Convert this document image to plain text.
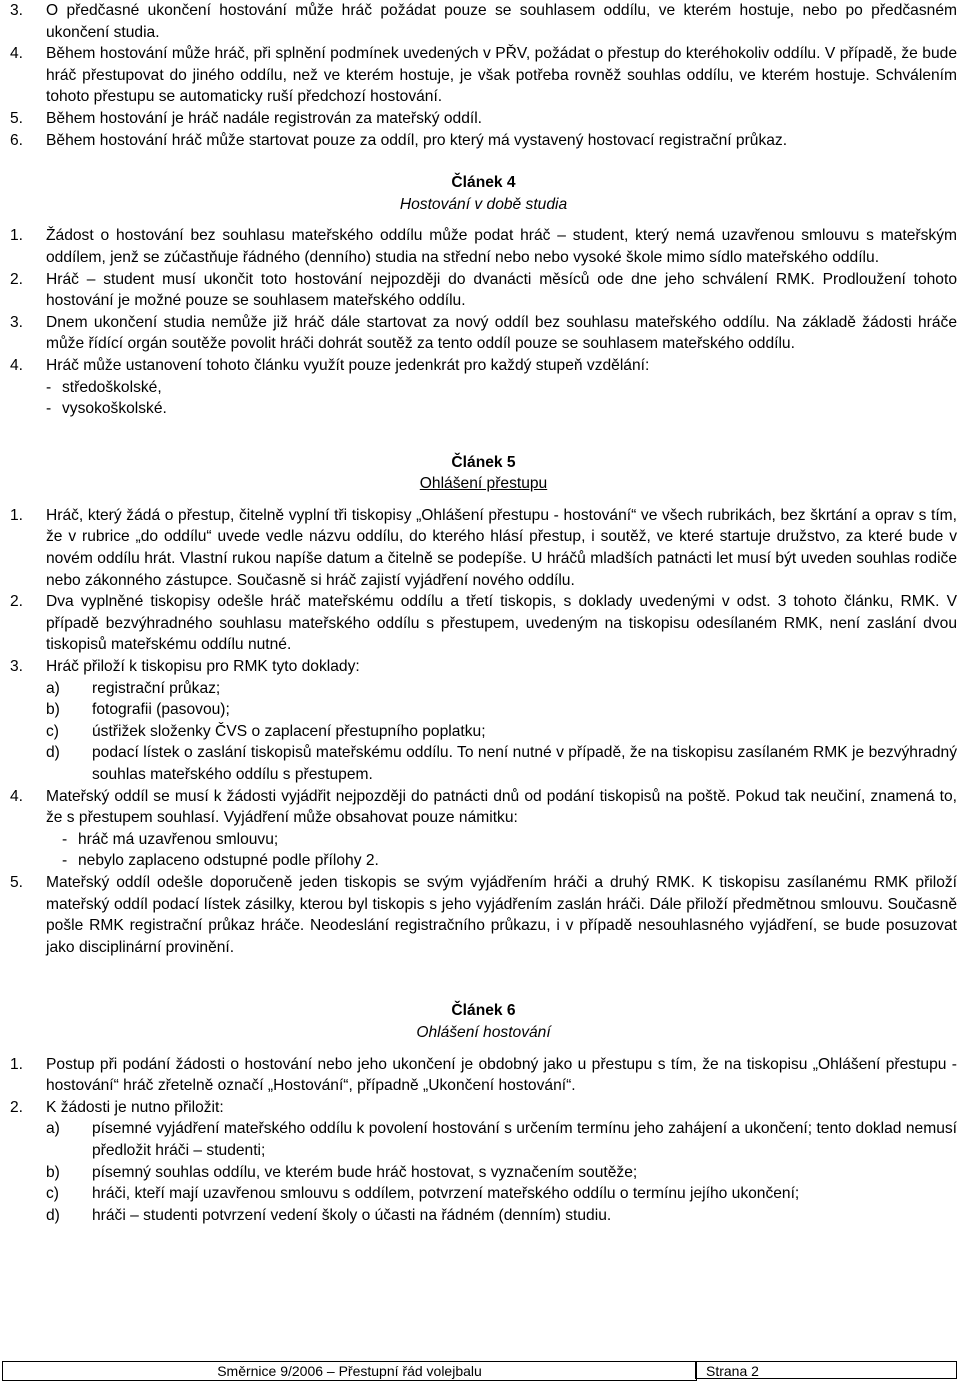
3.	O předčasné ukončení hostování může hráč požádat pouze se souhlasem oddílu, ve kterém hostuje, nebo po předčasném ukončení studia.
4.	Během hostování může hráč, při splnění podmínek uvedených v PŘV, požádat o přestup do kteréhokoliv oddílu. V případě, že bude hráč přestupovat do jiného oddílu, než ve kterém hostuje, je však potřeba rovněž souhlas oddílu, ve kterém hostuje. Schválením tohoto přestupu se automaticky ruší předchozí hostování.
5.	Během hostování je hráč nadále registrován za mateřský oddíl.
6.	Během hostování hráč může startovat pouze za oddíl, pro který má vystavený hostovací registrační průkaz.
Článek 4
Hostování v době studia
1.	Žádost o hostování bez souhlasu mateřského oddílu může podat hráč – student, který nemá uzavřenou smlouvu s mateřským oddílem, jenž se zúčastňuje řádného (denního) studia na střední nebo nebo vysoké škole mimo sídlo mateřského oddílu.
2.	Hráč – student musí ukončit toto hostování nejpozději do dvanácti měsíců ode dne jeho schválení RMK. Prodloužení tohoto hostování je možné pouze se souhlasem mateřského oddílu.
3.	Dnem ukončení studia nemůže již hráč dále startovat za nový oddíl bez souhlasu mateřského oddílu. Na základě žádosti hráče může řídící orgán soutěže povolit hráči dohrát soutěž za tento oddíl pouze se souhlasem mateřského oddílu.
4.	Hráč může ustanovení tohoto článku využít pouze jedenkrát pro každý stupeň vzdělání:
- středoškolské,
- vysokoškolské.
Článek 5
Ohlášení přestupu
1.	Hráč, který žádá o přestup, čitelně vyplní tři tiskopisy „Ohlášení přestupu - hostování“ ve všech rubrikách, bez škrtání a oprav s tím, že v rubrice „do oddílu“ uvede vedle názvu oddílu, do kterého hlásí přestup, i soutěž, ve které startuje družstvo, za které bude v novém oddílu hrát. Vlastní rukou napíše datum a čitelně se podepíše. U hráčů mladších patnácti let musí být uveden souhlas rodiče nebo zákonného zástupce. Současně si hráč zajistí vyjádření nového oddílu.
2.	Dva vyplněné tiskopisy odešle hráč mateřskému oddílu a třetí tiskopis, s doklady uvedenými v odst. 3 tohoto článku, RMK. V případě bezvýhradného souhlasu mateřského oddílu s přestupem, uvedeným na tiskopisu odesílaném RMK, není zaslání dvou tiskopisů mateřskému oddílu nutné.
3.	Hráč přiloží k tiskopisu pro RMK tyto doklady:
a)	registrační průkaz;
b)	fotografii (pasovou);
c)	ústřižek složenky ČVS o zaplacení přestupního poplatku;
d)	podací lístek o zaslání tiskopisů mateřskému oddílu. To není nutné v případě, že na tiskopisu zasílaném RMK je bezvýhradný souhlas mateřského oddílu s přestupem.
4.	Mateřský oddíl se musí k žádosti vyjádřit nejpozději do patnácti dnů od podání tiskopisů na poště. Pokud tak neučiní, znamená to, že s přestupem souhlasí. Vyjádření může obsahovat pouze námitku:
- hráč má uzavřenou smlouvu;
- nebylo zaplaceno odstupné podle přílohy 2.
5.	Mateřský oddíl odešle doporučeně jeden tiskopis se svým vyjádřením hráči a druhý RMK. K tiskopisu zasílanému RMK přiloží mateřský oddíl podací lístek zásilky, kterou byl tiskopis s jeho vyjádřením zaslán hráči. Dále přiloží předmětnou smlouvu. Současně pošle RMK registrační průkaz hráče. Neodeslání registračního průkazu, i v případě nesouhlasného vyjádření, se bude posuzovat jako disciplinární provinění.
Článek 6
Ohlášení hostování
1.	Postup při podání žádosti o hostování nebo jeho ukončení je obdobný jako u přestupu s tím, že na tiskopisu „Ohlášení přestupu - hostování“ hráč zřetelně označí „Hostování“, případně „Ukončení hostování“.
2.	K žádosti je nutno přiložit:
a)	písemné vyjádření mateřského oddílu k povolení hostování s určením termínu jeho zahájení a ukončení; tento doklad nemusí předložit hráči – studenti;
b)	písemný souhlas oddílu, ve kterém bude hráč hostovat, s vyznačením soutěže;
c)	hráči, kteří mají uzavřenou smlouvu s oddílem, potvrzení mateřského oddílu o termínu jejího ukončení;
d)	hráči – studenti potvrzení vedení školy o účasti na řádném (denním) studiu.
Směrnice 9/2006 – Přestupní řád volejbalu	Strana 2
